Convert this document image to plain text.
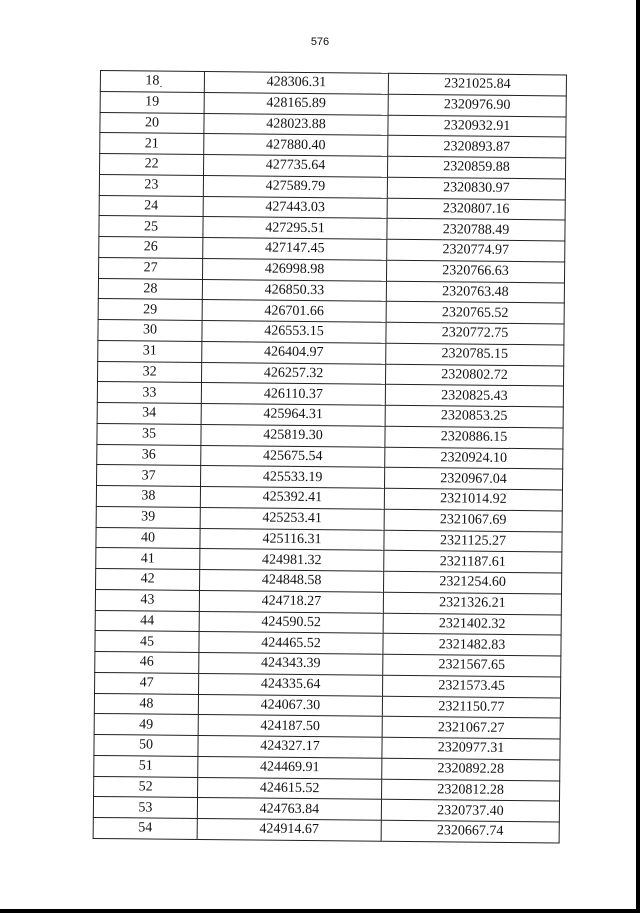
576
18	428306.31	2321025.84
19	428165.89	2320976.90
20	428023.88	2320932.91
21	427880.40	2320893.87
22	427735.64	2320859.88
23	427589.79	2320830.97
24	427443.03	2320807.16
25	427295.51	2320788.49
26	427147.45	2320774.97
27	426998.98	2320766.63
28	426850.33	2320763.48
29	426701.66	2320765.52
30	426553.15	2320772.75
31	426404.97	2320785.15
32	426257.32	2320802.72
33	426110.37	2320825.43
34	425964.31	2320853.25
35	425819.30	2320886.15
36	425675.54	2320924.10
37	425533.19	2320967.04
38	425392.41	2321014.92
39	425253.41	2321067.69
40	425116.31	2321125.27
41	424981.32	2321187.61
42	424848.58	2321254.60
43	424718.27	2321326.21
44	424590.52	2321402.32
45	424465.52	2321482.83
46	424343.39	2321567.65
47	424335.64	2321573.45
48	424067.30	2321150.77
49	424187.50	2321067.27
50	424327.17	2320977.31
51	424469.91	2320892.28
52	424615.52	2320812.28
53	424763.84	2320737.40
54	424914.67	2320667.74
